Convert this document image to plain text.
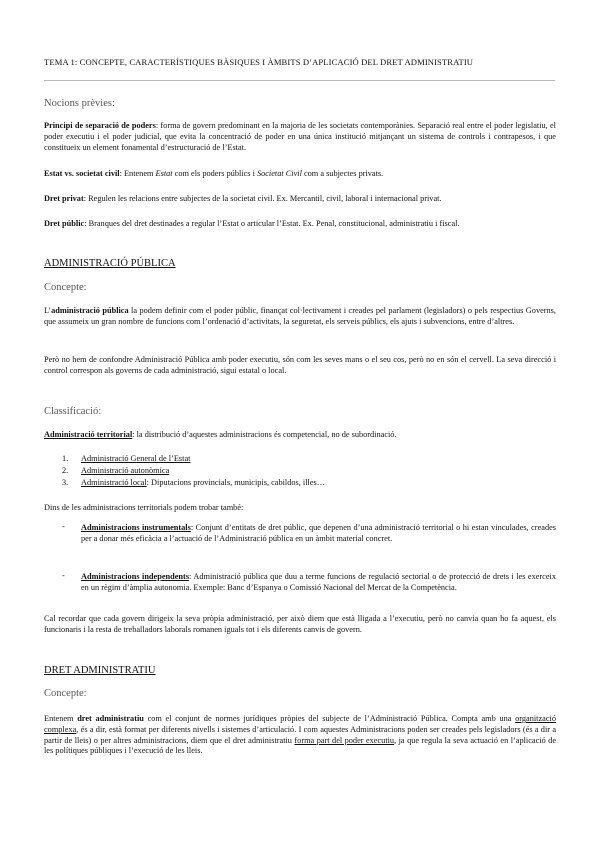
TEMA 1: CONCEPTE, CARACTERÍSTIQUES BÀSIQUES I ÀMBITS D’APLICACIÓ DEL DRET ADMINISTRATIU
Nocions prèvies:
Principi de separació de poders: forma de govern predominant en la majoria de les societats contemporànies. Separació real entre el poder legislatiu, el poder executiu i el poder judicial, que evita la concentració de poder en una única institució mitjançant un sistema de controls i contrapesos, i que constitueix un element fonamental d’estructuració de l’Estat.
Estat vs. societat civil: Entenem Estat com els poders públics i Societat Civil com a subjectes privats.
Dret privat: Regulen les relacions entre subjectes de la societat civil. Ex. Mercantil, civil, laboral i internacional privat.
Dret públic: Branques del dret destinades a regular l’Estat o articular l’Estat. Ex. Penal, constitucional, administratiu i fiscal.
ADMINISTRACIÓ PÚBLICA
Concepte:
L’administració pública la podem definir com el poder públic, finançat col·lectivament i creades pel parlament (legisladors) o pels respectius Governs, que assumeix un gran nombre de funcions com l’ordenació d’activitats, la seguretat, els serveis públics, els ajuts i subvencions, entre d’altres.
Però no hem de confondre Administració Pública amb poder executiu, són com les seves mans o el seu cos, però no en són el cervell. La seva direcció i control correspon als governs de cada administració, sigui estatal o local.
Classificació:
Administració territorial: la distribució d’aquestes administracions és competencial, no de subordinació.
1. Administració General de l’Estat
2. Administració autonòmica
3. Administració local: Diputacions provincials, municipis, cabildos, illes…
Dins de les administracions territorials podem trobar també:
- Administracions instrumentals: Conjunt d’entitats de dret públic, que depenen d’una administració territorial o hi estan vinculades, creades per a donar més eficàcia a l’actuació de l’Administració pública en un àmbit material concret.
- Administracions independents: Administració pública que duu a terme funcions de regulació sectorial o de protecció de drets i les exerceix en un règim d’àmplia autonomia. Exemple: Banc d’Espanya o Comissió Nacional del Mercat de la Competència.
Cal recordar que cada govern dirigeix la seva pròpia administració, per això diem que està lligada a l’executiu, però no canvia quan ho fa aquest, els funcionaris i la resta de treballadors laborals romanen iguals tot i els diferents canvis de govern.
DRET ADMINISTRATIU
Concepte:
Entenem dret administratiu com el conjunt de normes jurídiques pròpies del subjecte de l’Administració Pública. Compta amb una organització complexa, és a dir, està format per diferents nivells i sistemes d’articulació. I com aquestes Administracions poden ser creades pels legisladors (és a dir a partir de lleis) o per altres administracions, diem que el dret administratiu forma part del poder executiu, ja que regula la seva actuació en l’aplicació de les polítiques públiques i l’execució de les lleis.
